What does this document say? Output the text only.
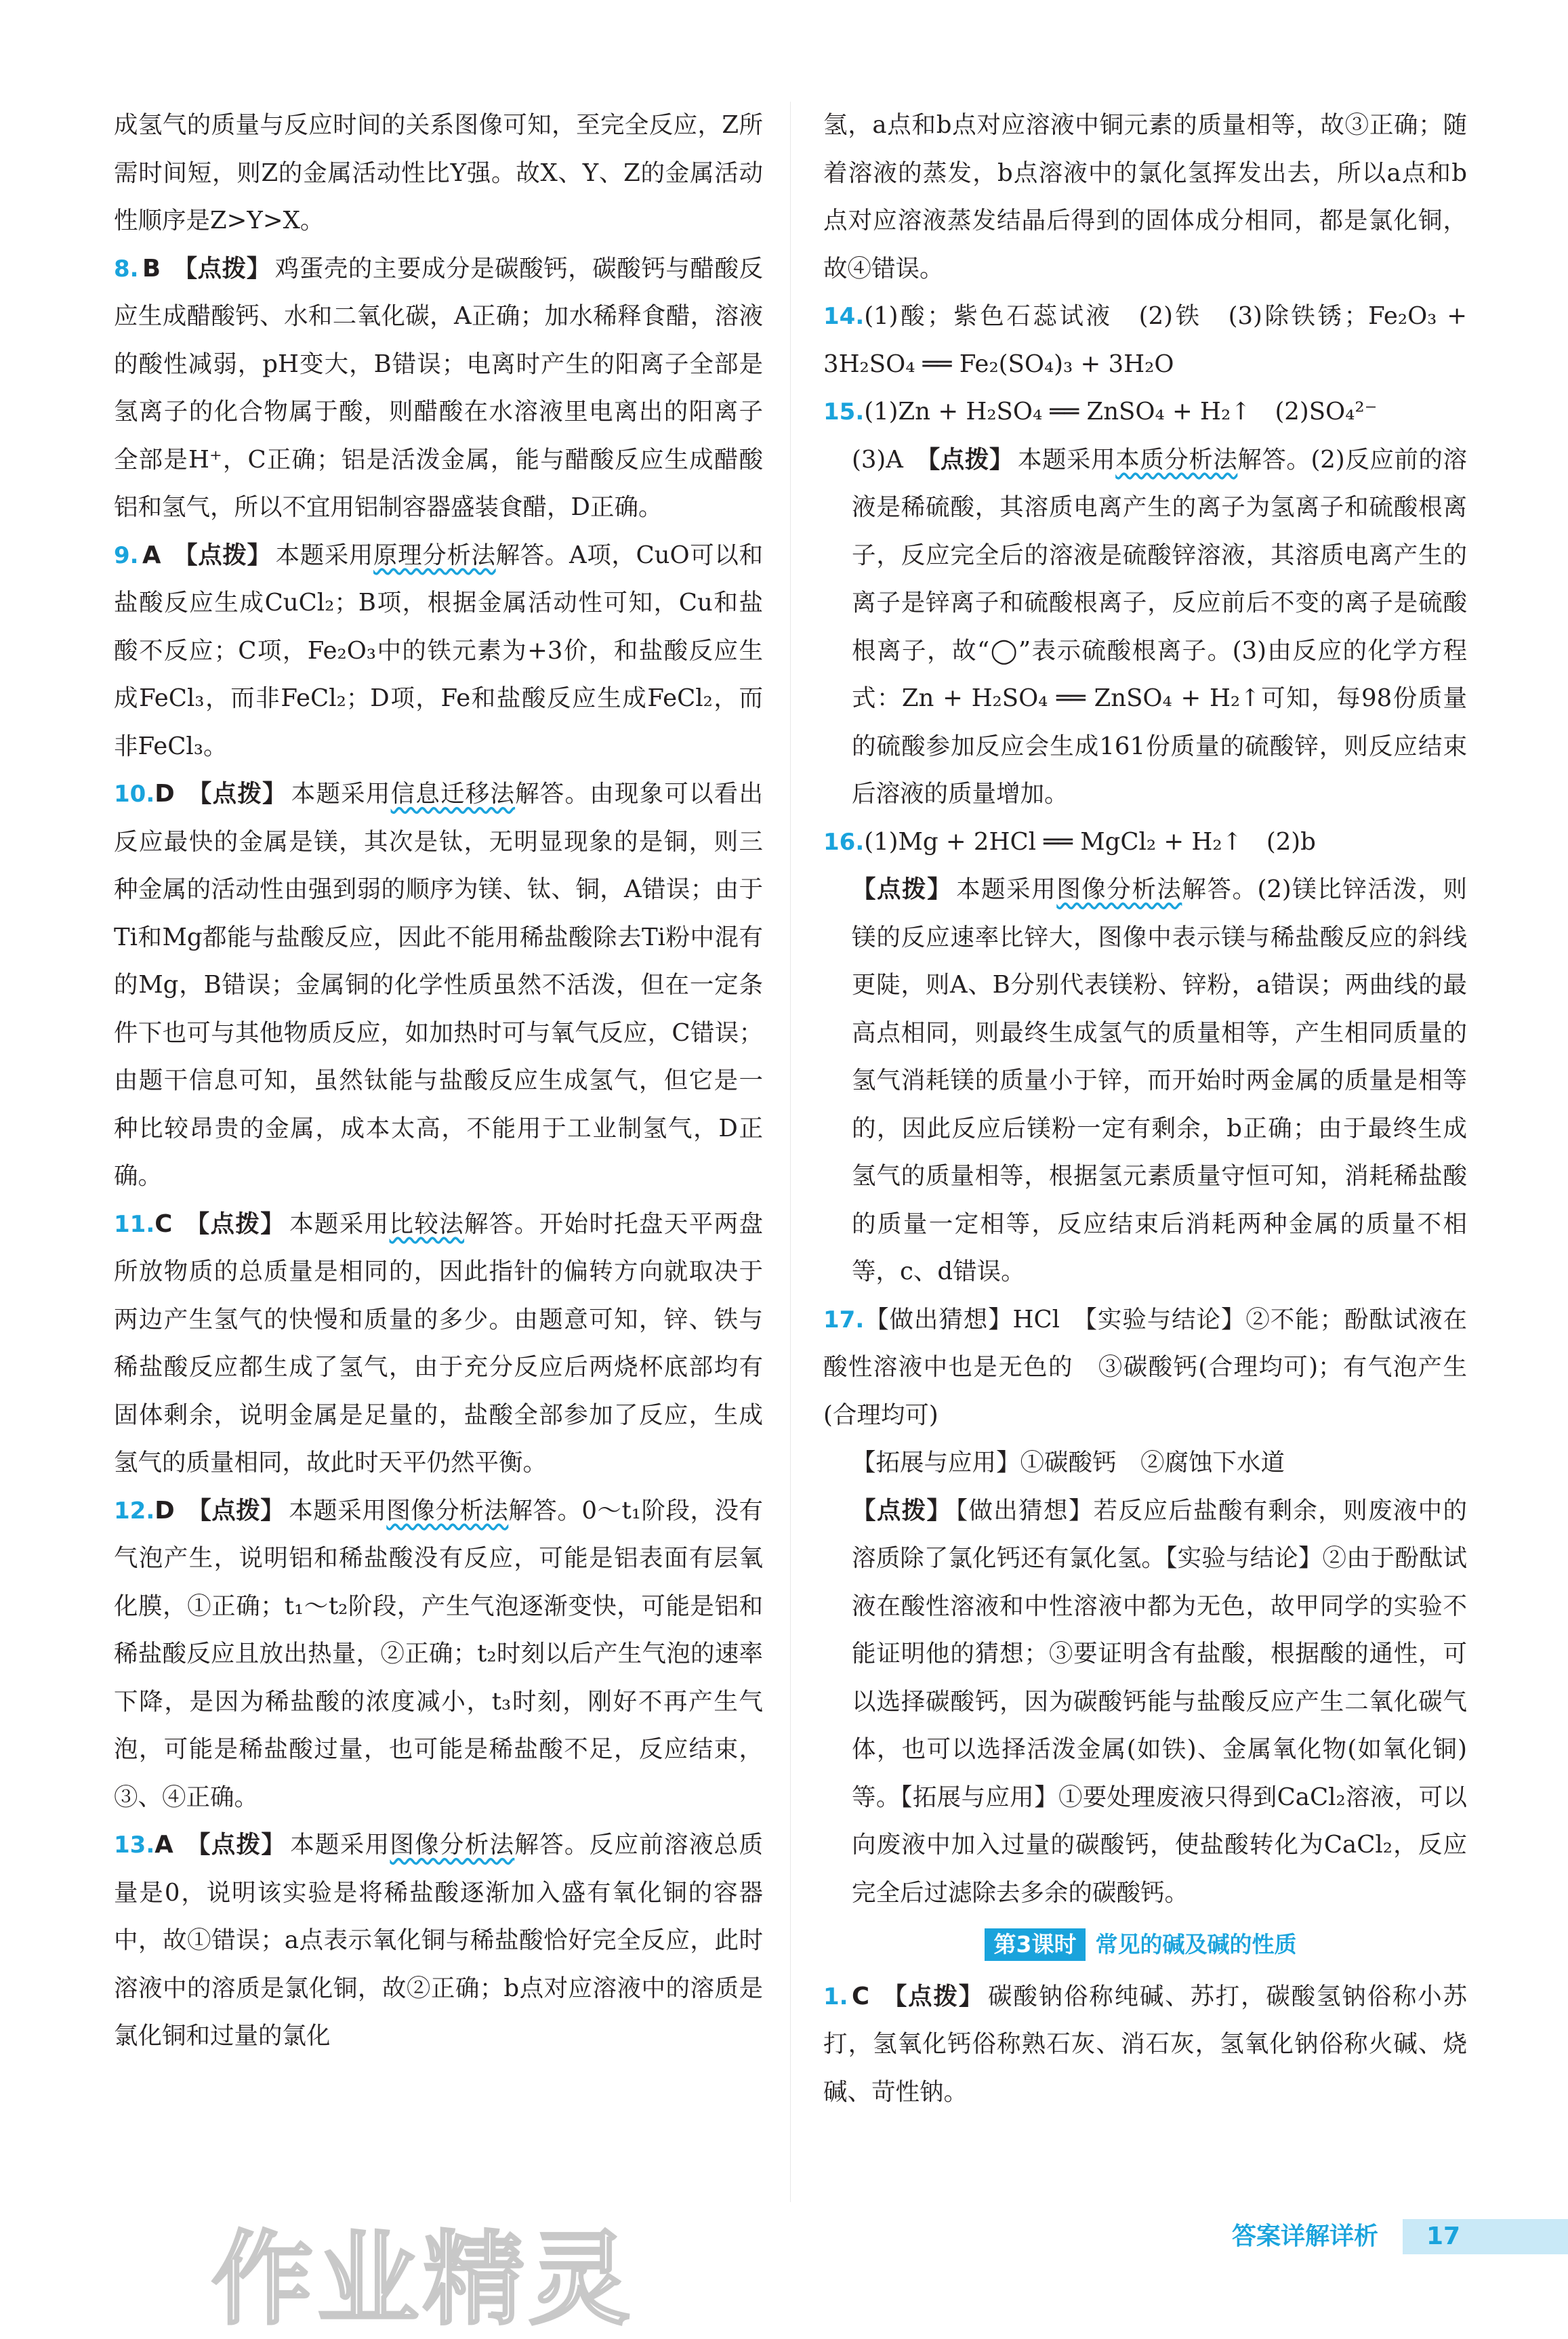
成氢气的质量与反应时间的关系图像可知，至完全反应，Z所需时间短，则Z的金属活动性比Y强。故X、Y、Z的金属活动性顺序是Z>Y>X。

8. B 【点拨】 鸡蛋壳的主要成分是碳酸钙，碳酸钙与醋酸反应生成醋酸钙、水和二氧化碳，A正确；加水稀释食醋，溶液的酸性减弱，pH变大，B错误；电离时产生的阳离子全部是氢离子的化合物属于酸，则醋酸在水溶液里电离出的阳离子全部是H⁺，C正确；铝是活泼金属，能与醋酸反应生成醋酸铝和氢气，所以不宜用铝制容器盛装食醋，D正确。

9. A 【点拨】 本题采用原理分析法解答。A项，CuO可以和盐酸反应生成CuCl₂；B项，根据金属活动性可知，Cu和盐酸不反应；C项，Fe₂O₃中的铁元素为+3价，和盐酸反应生成FeCl₃，而非FeCl₂；D项，Fe和盐酸反应生成FeCl₂，而非FeCl₃。

10.D 【点拨】 本题采用信息迁移法解答。由现象可以看出反应最快的金属是镁，其次是钛，无明显现象的是铜，则三种金属的活动性由强到弱的顺序为镁、钛、铜，A错误；由于Ti和Mg都能与盐酸反应，因此不能用稀盐酸除去Ti粉中混有的Mg，B错误；金属铜的化学性质虽然不活泼，但在一定条件下也可与其他物质反应，如加热时可与氧气反应，C错误；由题干信息可知，虽然钛能与盐酸反应生成氢气，但它是一种比较昂贵的金属，成本太高，不能用于工业制氢气，D正确。

11.C 【点拨】 本题采用比较法解答。开始时托盘天平两盘所放物质的总质量是相同的，因此指针的偏转方向就取决于两边产生氢气的快慢和质量的多少。由题意可知，锌、铁与稀盐酸反应都生成了氢气，由于充分反应后两烧杯底部均有固体剩余，说明金属是足量的，盐酸全部参加了反应，生成氢气的质量相同，故此时天平仍然平衡。

12.D 【点拨】 本题采用图像分析法解答。0～t₁阶段，没有气泡产生，说明铝和稀盐酸没有反应，可能是铝表面有层氧化膜，①正确；t₁～t₂阶段，产生气泡逐渐变快，可能是铝和稀盐酸反应且放出热量，②正确；t₂时刻以后产生气泡的速率下降，是因为稀盐酸的浓度减小，t₃时刻，刚好不再产生气泡，可能是稀盐酸过量，也可能是稀盐酸不足，反应结束，③、④正确。

13.A 【点拨】 本题采用图像分析法解答。反应前溶液总质量是0，说明该实验是将稀盐酸逐渐加入盛有氧化铜的容器中，故①错误；a点表示氧化铜与稀盐酸恰好完全反应，此时溶液中的溶质是氯化铜，故②正确；b点对应溶液中的溶质是氯化铜和过量的氯化

氢，a点和b点对应溶液中铜元素的质量相等，故③正确；随着溶液的蒸发，b点溶液中的氯化氢挥发出去，所以a点和b点对应溶液蒸发结晶后得到的固体成分相同，都是氯化铜，故④错误。

14.(1)酸；紫色石蕊试液　(2)铁　(3)除铁锈；Fe₂O₃ + 3H₂SO₄ ══ Fe₂(SO₄)₃ + 3H₂O

15.(1)Zn + H₂SO₄ ══ ZnSO₄ + H₂↑　(2)SO₄²⁻

(3)A　【点拨】 本题采用本质分析法解答。(2)反应前的溶液是稀硫酸，其溶质电离产生的离子为氢离子和硫酸根离子，反应完全后的溶液是硫酸锌溶液，其溶质电离产生的离子是锌离子和硫酸根离子，反应前后不变的离子是硫酸根离子，故“◯”表示硫酸根离子。(3)由反应的化学方程式：Zn + H₂SO₄ ══ ZnSO₄ + H₂↑可知，每98份质量的硫酸参加反应会生成161份质量的硫酸锌，则反应结束后溶液的质量增加。

16.(1)Mg + 2HCl ══ MgCl₂ + H₂↑　(2)b

【点拨】 本题采用图像分析法解答。(2)镁比锌活泼，则镁的反应速率比锌大，图像中表示镁与稀盐酸反应的斜线更陡，则A、B分别代表镁粉、锌粉，a错误；两曲线的最高点相同，则最终生成氢气的质量相等，产生相同质量的氢气消耗镁的质量小于锌，而开始时两金属的质量是相等的，因此反应后镁粉一定有剩余，b正确；由于最终生成氢气的质量相等，根据氢元素质量守恒可知，消耗稀盐酸的质量一定相等，反应结束后消耗两种金属的质量不相等，c、d错误。

17.【做出猜想】HCl　【实验与结论】②不能；酚酞试液在酸性溶液中也是无色的　③碳酸钙(合理均可)；有气泡产生(合理均可)

【拓展与应用】①碳酸钙　②腐蚀下水道

【点拨】 【做出猜想】若反应后盐酸有剩余，则废液中的溶质除了氯化钙还有氯化氢。【实验与结论】②由于酚酞试液在酸性溶液和中性溶液中都为无色，故甲同学的实验不能证明他的猜想；③要证明含有盐酸，根据酸的通性，可以选择碳酸钙，因为碳酸钙能与盐酸反应产生二氧化碳气体，也可以选择活泼金属(如铁)、金属氧化物(如氧化铜)等。【拓展与应用】①要处理废液只得到CaCl₂溶液，可以向废液中加入过量的碳酸钙，使盐酸转化为CaCl₂，反应完全后过滤除去多余的碳酸钙。

第3课时 常见的碱及碱的性质

1. C 【点拨】 碳酸钠俗称纯碱、苏打，碳酸氢钠俗称小苏打，氢氧化钙俗称熟石灰、消石灰，氢氧化钠俗称火碱、烧碱、苛性钠。

答案详解详析	17
作业精灵
